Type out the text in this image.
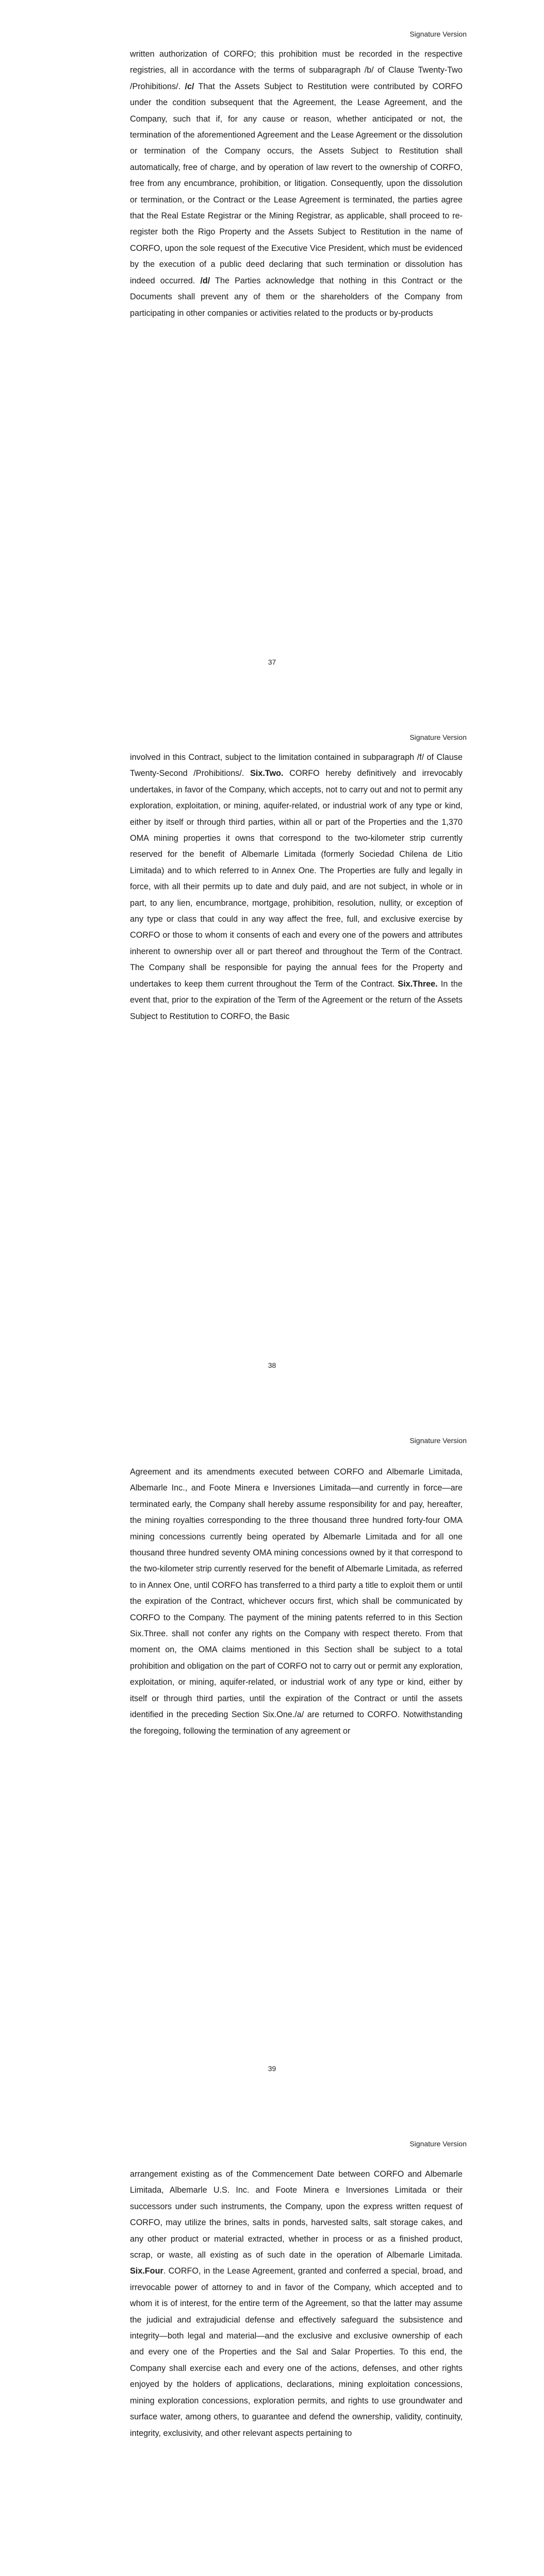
Signature Version

written authorization of CORFO; this prohibition must be recorded in the respective registries, all in accordance with the terms of subparagraph /b/ of Clause Twenty-Two /Prohibitions/. /c/ That the Assets Subject to Restitution were contributed by CORFO under the condition subsequent that the Agreement, the Lease Agreement, and the Company, such that if, for any cause or reason, whether anticipated or not, the termination of the aforementioned Agreement and the Lease Agreement or the dissolution or termination of the Company occurs, the Assets Subject to Restitution shall automatically, free of charge, and by operation of law revert to the ownership of CORFO, free from any encumbrance, prohibition, or litigation. Consequently, upon the dissolution or termination, or the Contract or the Lease Agreement is terminated, the parties agree that the Real Estate Registrar or the Mining Registrar, as applicable, shall proceed to re-register both the Rigo Property and the Assets Subject to Restitution in the name of CORFO, upon the sole request of the Executive Vice President, which must be evidenced by the execution of a public deed declaring that such termination or dissolution has indeed occurred. /d/ The Parties acknowledge that nothing in this Contract or the Documents shall prevent any of them or the shareholders of the Company from participating in other companies or activities related to the products or by-products

37
Signature Version

involved in this Contract, subject to the limitation contained in subparagraph /f/ of Clause Twenty-Second /Prohibitions/. Six.Two. CORFO hereby definitively and irrevocably undertakes, in favor of the Company, which accepts, not to carry out and not to permit any exploration, exploitation, or mining, aquifer-related, or industrial work of any type or kind, either by itself or through third parties, within all or part of the Properties and the 1,370 OMA mining properties it owns that correspond to the two-kilometer strip currently reserved for the benefit of Albemarle Limitada (formerly Sociedad Chilena de Litio Limitada) and to which referred to in Annex One. The Properties are fully and legally in force, with all their permits up to date and duly paid, and are not subject, in whole or in part, to any lien, encumbrance, mortgage, prohibition, resolution, nullity, or exception of any type or class that could in any way affect the free, full, and exclusive exercise by CORFO or those to whom it consents of each and every one of the powers and attributes inherent to ownership over all or part thereof and throughout the Term of the Contract. The Company shall be responsible for paying the annual fees for the Property and undertakes to keep them current throughout the Term of the Contract. Six.Three. In the event that, prior to the expiration of the Term of the Agreement or the return of the Assets Subject to Restitution to CORFO, the Basic

38
Signature Version

Agreement and its amendments executed between CORFO and Albemarle Limitada, Albemarle Inc., and Foote Minera e Inversiones Limitada—and currently in force—are terminated early, the Company shall hereby assume responsibility for and pay, hereafter, the mining royalties corresponding to the three thousand three hundred forty-four OMA mining concessions currently being operated by Albemarle Limitada and for all one thousand three hundred seventy OMA mining concessions owned by it that correspond to the two-kilometer strip currently reserved for the benefit of Albemarle Limitada, as referred to in Annex One, until CORFO has transferred to a third party a title to exploit them or until the expiration of the Contract, whichever occurs first, which shall be communicated by CORFO to the Company. The payment of the mining patents referred to in this Section Six.Three. shall not confer any rights on the Company with respect thereto. From that moment on, the OMA claims mentioned in this Section shall be subject to a total prohibition and obligation on the part of CORFO not to carry out or permit any exploration, exploitation, or mining, aquifer-related, or industrial work of any type or kind, either by itself or through third parties, until the expiration of the Contract or until the assets identified in the preceding Section Six.One./a/ are returned to CORFO. Notwithstanding the foregoing, following the termination of any agreement or

39
Signature Version

arrangement existing as of the Commencement Date between CORFO and Albemarle Limitada, Albemarle U.S. Inc. and Foote Minera e Inversiones Limitada or their successors under such instruments, the Company, upon the express written request of CORFO, may utilize the brines, salts in ponds, harvested salts, salt storage cakes, and any other product or material extracted, whether in process or as a finished product, scrap, or waste, all existing as of such date in the operation of Albemarle Limitada. Six.Four. CORFO, in the Lease Agreement, granted and conferred a special, broad, and irrevocable power of attorney to and in favor of the Company, which accepted and to whom it is of interest, for the entire term of the Agreement, so that the latter may assume the judicial and extrajudicial defense and effectively safeguard the subsistence and integrity—both legal and material—and the exclusive and exclusive ownership of each and every one of the Properties and the Sal and Salar Properties. To this end, the Company shall exercise each and every one of the actions, defenses, and other rights enjoyed by the holders of applications, declarations, mining exploitation concessions, mining exploration concessions, exploration permits, and rights to use groundwater and surface water, among others, to guarantee and defend the ownership, validity, continuity, integrity, exclusivity, and other relevant aspects pertaining to
